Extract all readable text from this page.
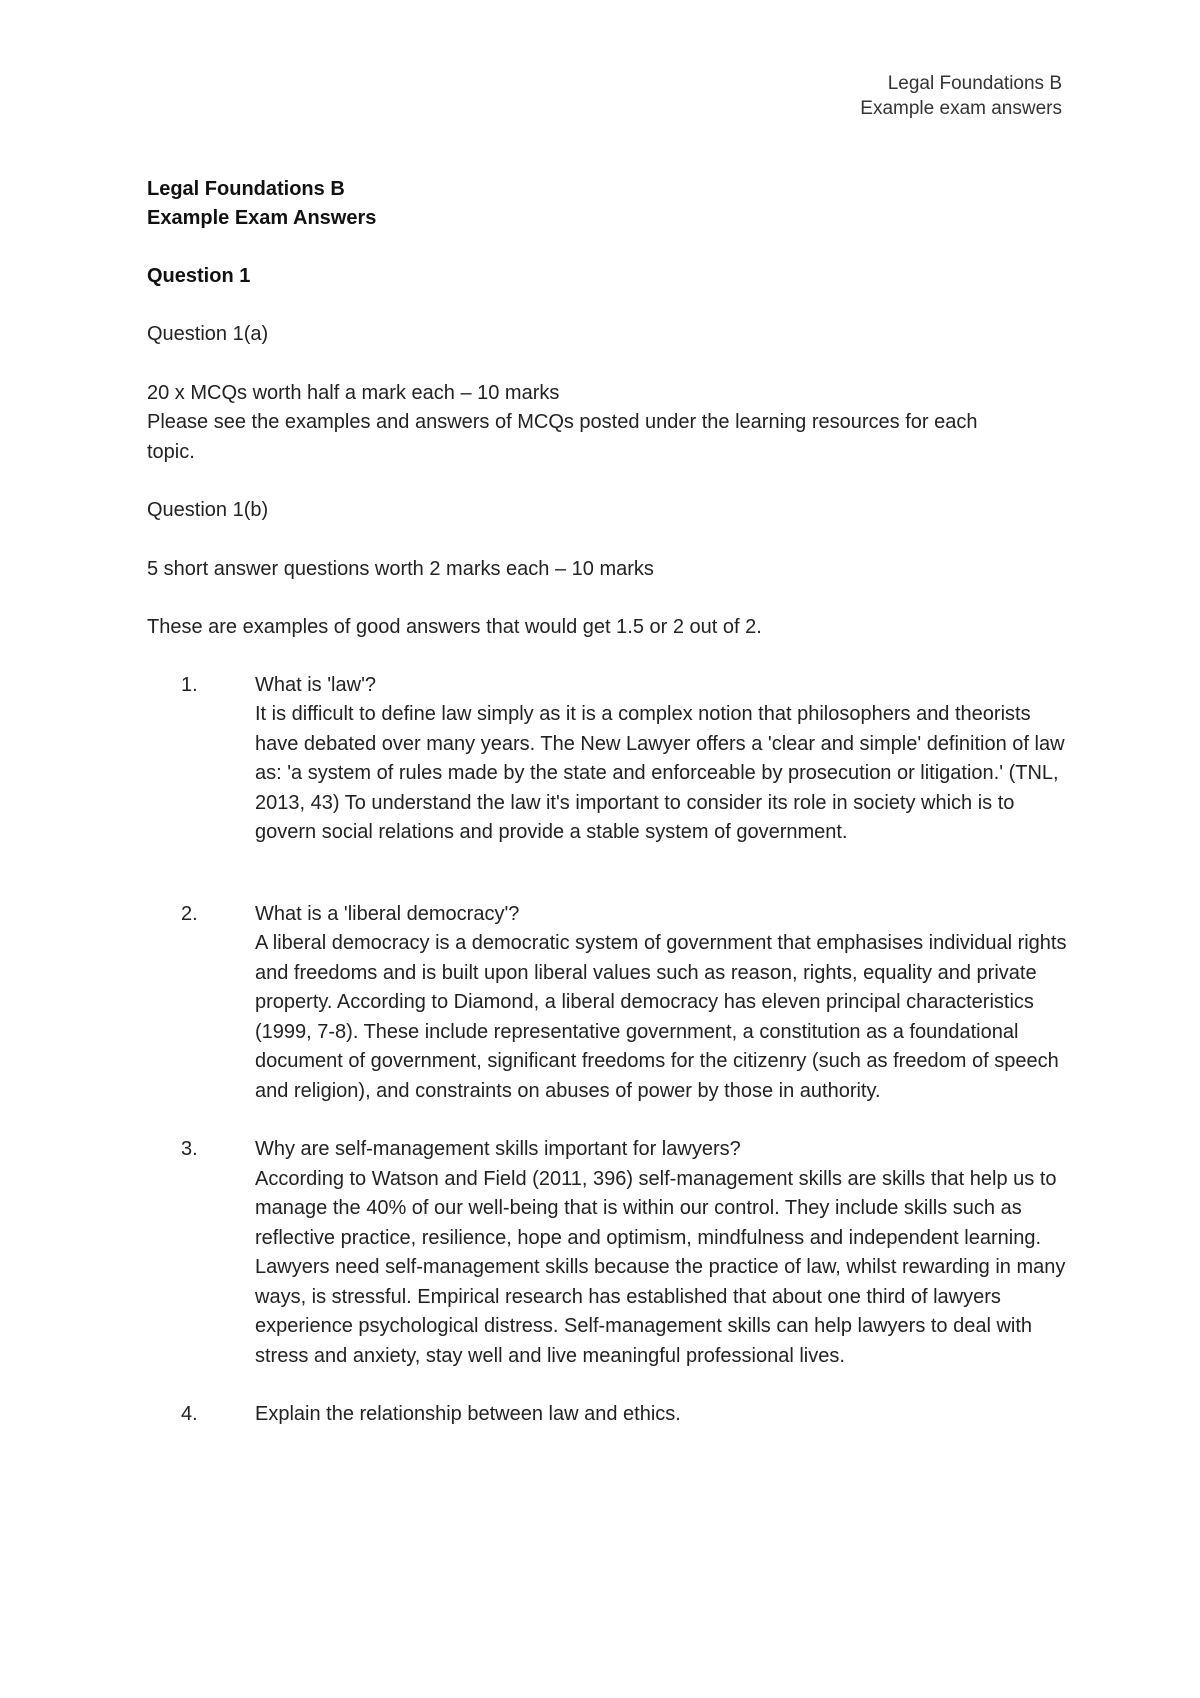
Legal Foundations B
Example exam answers
Legal Foundations B
Example Exam Answers
Question 1

Question 1(a)

20 x MCQs worth half a mark each – 10 marks

Please see the examples and answers of MCQs posted under the learning resources for each topic.

Question 1(b)

5 short answer questions worth 2 marks each – 10 marks

These are examples of good answers that would get 1.5 or 2 out of 2.

1.	What is 'law'?
It is difficult to define law simply as it is a complex notion that philosophers and theorists have debated over many years. The New Lawyer offers a 'clear and simple' definition of law as: 'a system of rules made by the state and enforceable by prosecution or litigation.' (TNL, 2013, 43) To understand the law it's important to consider its role in society which is to govern social relations and provide a stable system of government.
2.	What is a 'liberal democracy'?
A liberal democracy is a democratic system of government that emphasises individual rights and freedoms and is built upon liberal values such as reason, rights, equality and private property. According to Diamond, a liberal democracy has eleven principal characteristics (1999, 7-8). These include representative government, a constitution as a foundational document of government, significant freedoms for the citizenry (such as freedom of speech and religion), and constraints on abuses of power by those in authority.
3.	Why are self-management skills important for lawyers?
According to Watson and Field (2011, 396) self-management skills are skills that help us to manage the 40% of our well-being that is within our control. They include skills such as reflective practice, resilience, hope and optimism, mindfulness and independent learning. Lawyers need self-management skills because the practice of law, whilst rewarding in many ways, is stressful. Empirical research has established that about one third of lawyers experience psychological distress. Self-management skills can help lawyers to deal with stress and anxiety, stay well and live meaningful professional lives.
4.	Explain the relationship between law and ethics.
